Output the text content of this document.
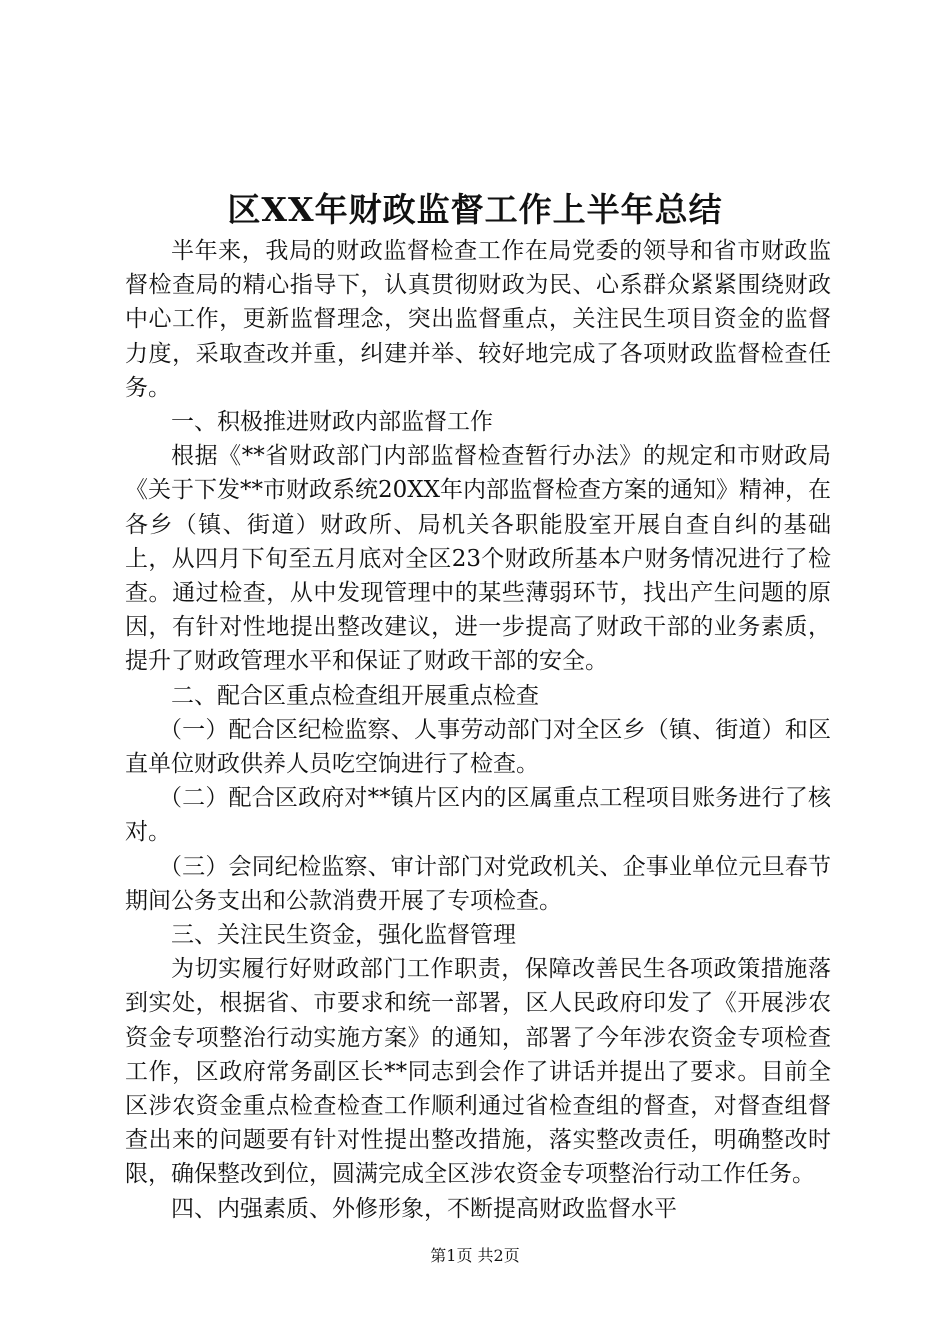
区XX年财政监督工作上半年总结

半年来，我局的财政监督检查工作在局党委的领导和省市财政监督检查局的精心指导下，认真贯彻财政为民、心系群众紧紧围绕财政中心工作，更新监督理念，突出监督重点，关注民生项目资金的监督力度，采取查改并重，纠建并举、较好地完成了各项财政监督检查任务。

一、积极推进财政内部监督工作

根据《**省财政部门内部监督检查暂行办法》的规定和市财政局《关于下发**市财政系统20XX年内部监督检查方案的通知》精神，在各乡（镇、街道）财政所、局机关各职能股室开展自查自纠的基础上，从四月下旬至五月底对全区23个财政所基本户财务情况进行了检查。通过检查，从中发现管理中的某些薄弱环节，找出产生问题的原因，有针对性地提出整改建议，进一步提高了财政干部的业务素质，提升了财政管理水平和保证了财政干部的安全。

二、配合区重点检查组开展重点检查

（一）配合区纪检监察、人事劳动部门对全区乡（镇、街道）和区直单位财政供养人员吃空饷进行了检查。

（二）配合区政府对**镇片区内的区属重点工程项目账务进行了核对。

（三）会同纪检监察、审计部门对党政机关、企事业单位元旦春节期间公务支出和公款消费开展了专项检查。

三、关注民生资金，强化监督管理

为切实履行好财政部门工作职责，保障改善民生各项政策措施落到实处，根据省、市要求和统一部署，区人民政府印发了《开展涉农资金专项整治行动实施方案》的通知，部署了今年涉农资金专项检查工作，区政府常务副区长**同志到会作了讲话并提出了要求。目前全区涉农资金重点检查检查工作顺利通过省检查组的督查，对督查组督查出来的问题要有针对性提出整改措施，落实整改责任，明确整改时限，确保整改到位，圆满完成全区涉农资金专项整治行动工作任务。

四、内强素质、外修形象，不断提高财政监督水平

第1页 共2页
